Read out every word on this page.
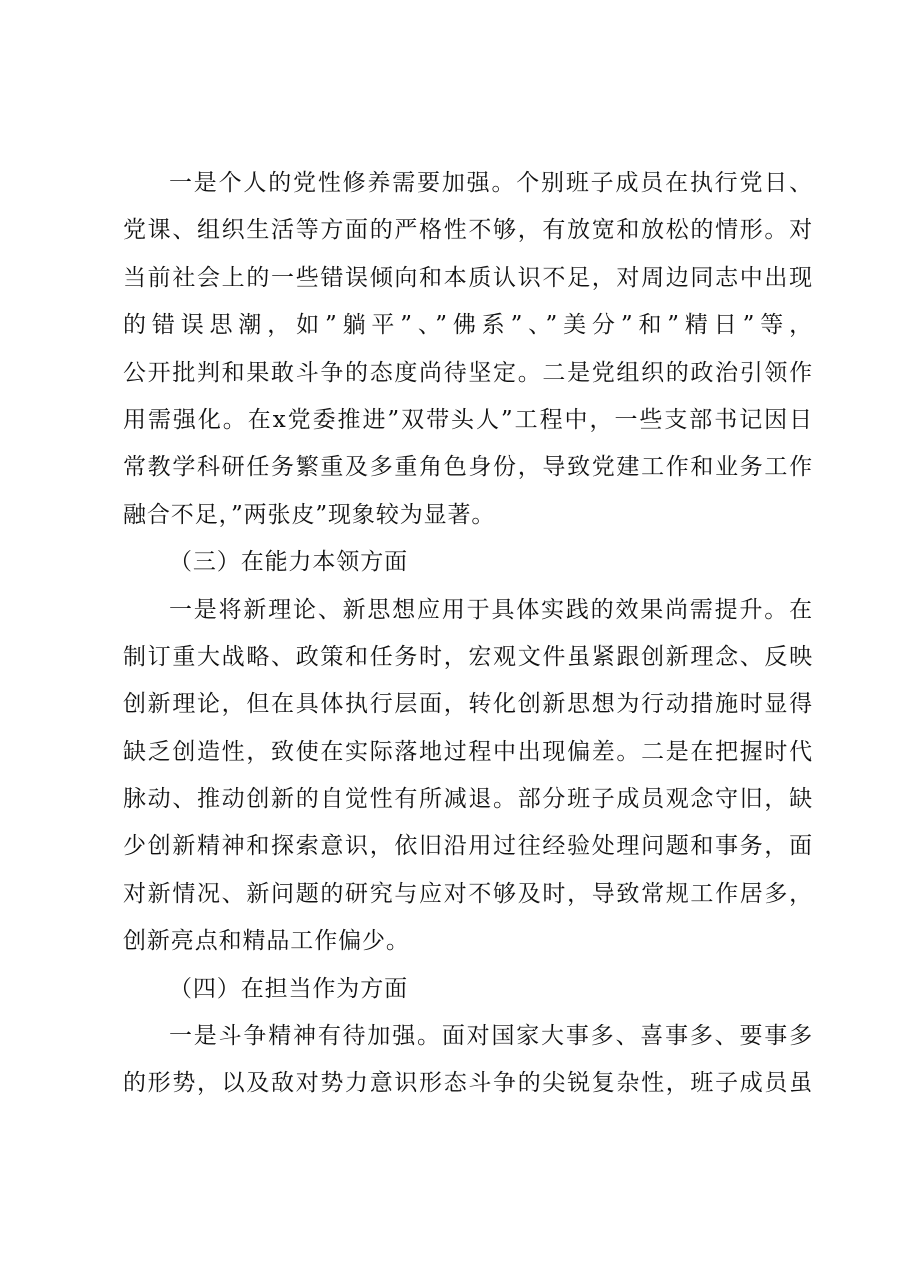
一是个人的党性修养需要加强。个别班子成员在执行党日、
党课、组织生活等方面的严格性不够，有放宽和放松的情形。对
当前社会上的一些错误倾向和本质认识不足，对周边同志中出现
的错误思潮，如”躺平”、”佛系”、”美分”和”精日”等，
公开批判和果敢斗争的态度尚待坚定。二是党组织的政治引领作
用需强化。在x党委推进”双带头人”工程中，一些支部书记因日
常教学科研任务繁重及多重角色身份，导致党建工作和业务工作
融合不足，”两张皮”现象较为显著。
（三）在能力本领方面
一是将新理论、新思想应用于具体实践的效果尚需提升。在
制订重大战略、政策和任务时，宏观文件虽紧跟创新理念、反映
创新理论，但在具体执行层面，转化创新思想为行动措施时显得
缺乏创造性，致使在实际落地过程中出现偏差。二是在把握时代
脉动、推动创新的自觉性有所减退。部分班子成员观念守旧，缺
少创新精神和探索意识，依旧沿用过往经验处理问题和事务，面
对新情况、新问题的研究与应对不够及时，导致常规工作居多，
创新亮点和精品工作偏少。
（四）在担当作为方面
一是斗争精神有待加强。面对国家大事多、喜事多、要事多
的形势，以及敌对势力意识形态斗争的尖锐复杂性，班子成员虽
